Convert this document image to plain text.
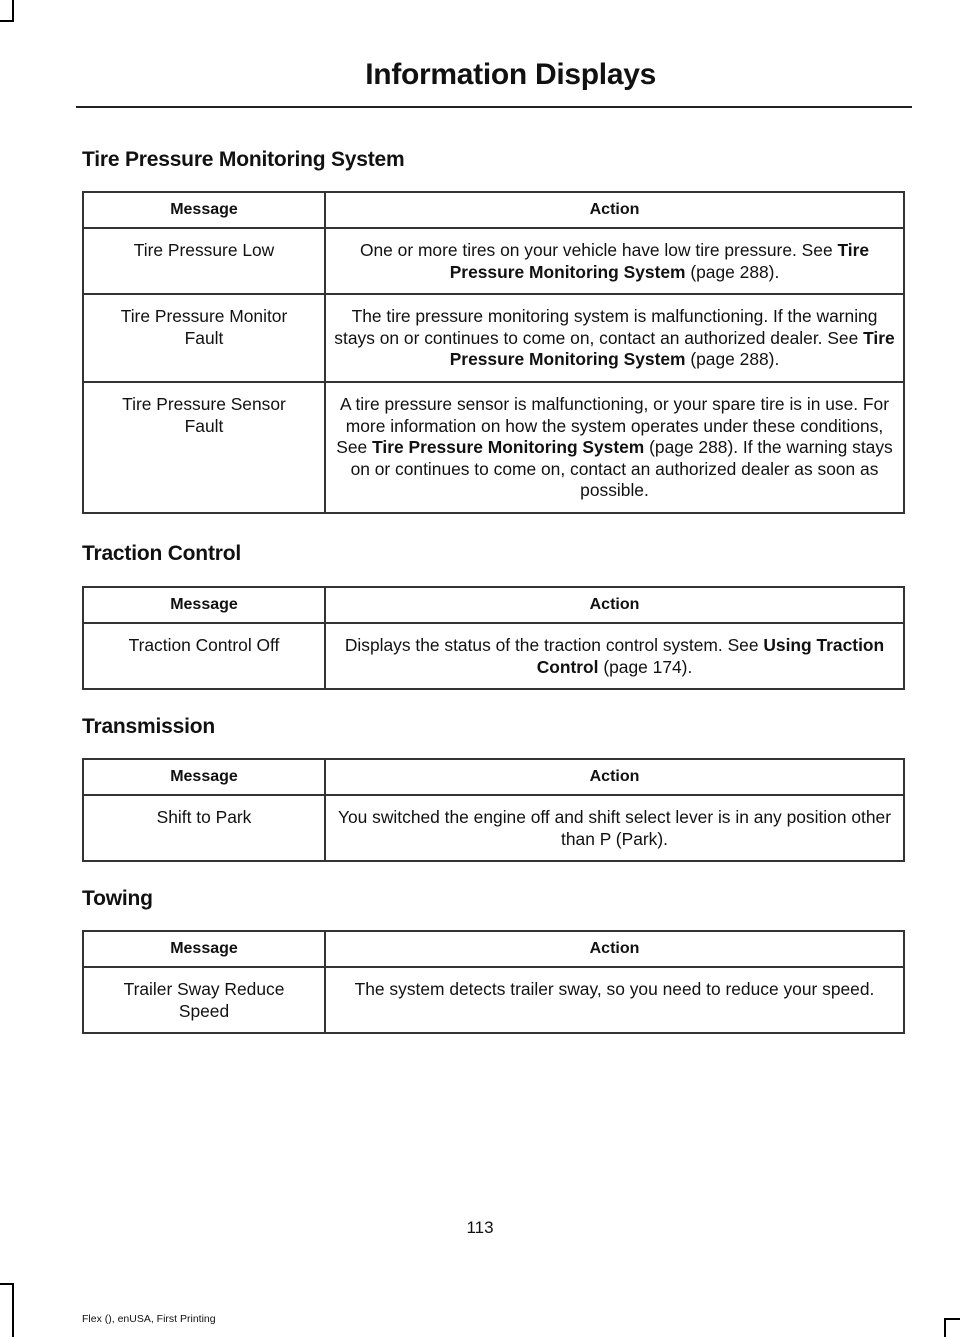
Information Displays
Tire Pressure Monitoring System
Message	Action
Tire Pressure Low	One or more tires on your vehicle have low tire pressure. See Tire Pressure Monitoring System (page 288).
Tire Pressure Monitor Fault	The tire pressure monitoring system is malfunctioning. If the warning stays on or continues to come on, contact an authorized dealer. See Tire Pressure Monitoring System (page 288).
Tire Pressure Sensor Fault	A tire pressure sensor is malfunctioning, or your spare tire is in use. For more information on how the system operates under these conditions, See Tire Pressure Monitoring System (page 288). If the warning stays on or continues to come on, contact an authorized dealer as soon as possible.
Traction Control
Message	Action
Traction Control Off	Displays the status of the traction control system. See Using Traction Control (page 174).
Transmission
Message	Action
Shift to Park	You switched the engine off and shift select lever is in any position other than P (Park).
Towing
Message	Action
Trailer Sway Reduce Speed	The system detects trailer sway, so you need to reduce your speed.
113
Flex (), enUSA, First Printing
